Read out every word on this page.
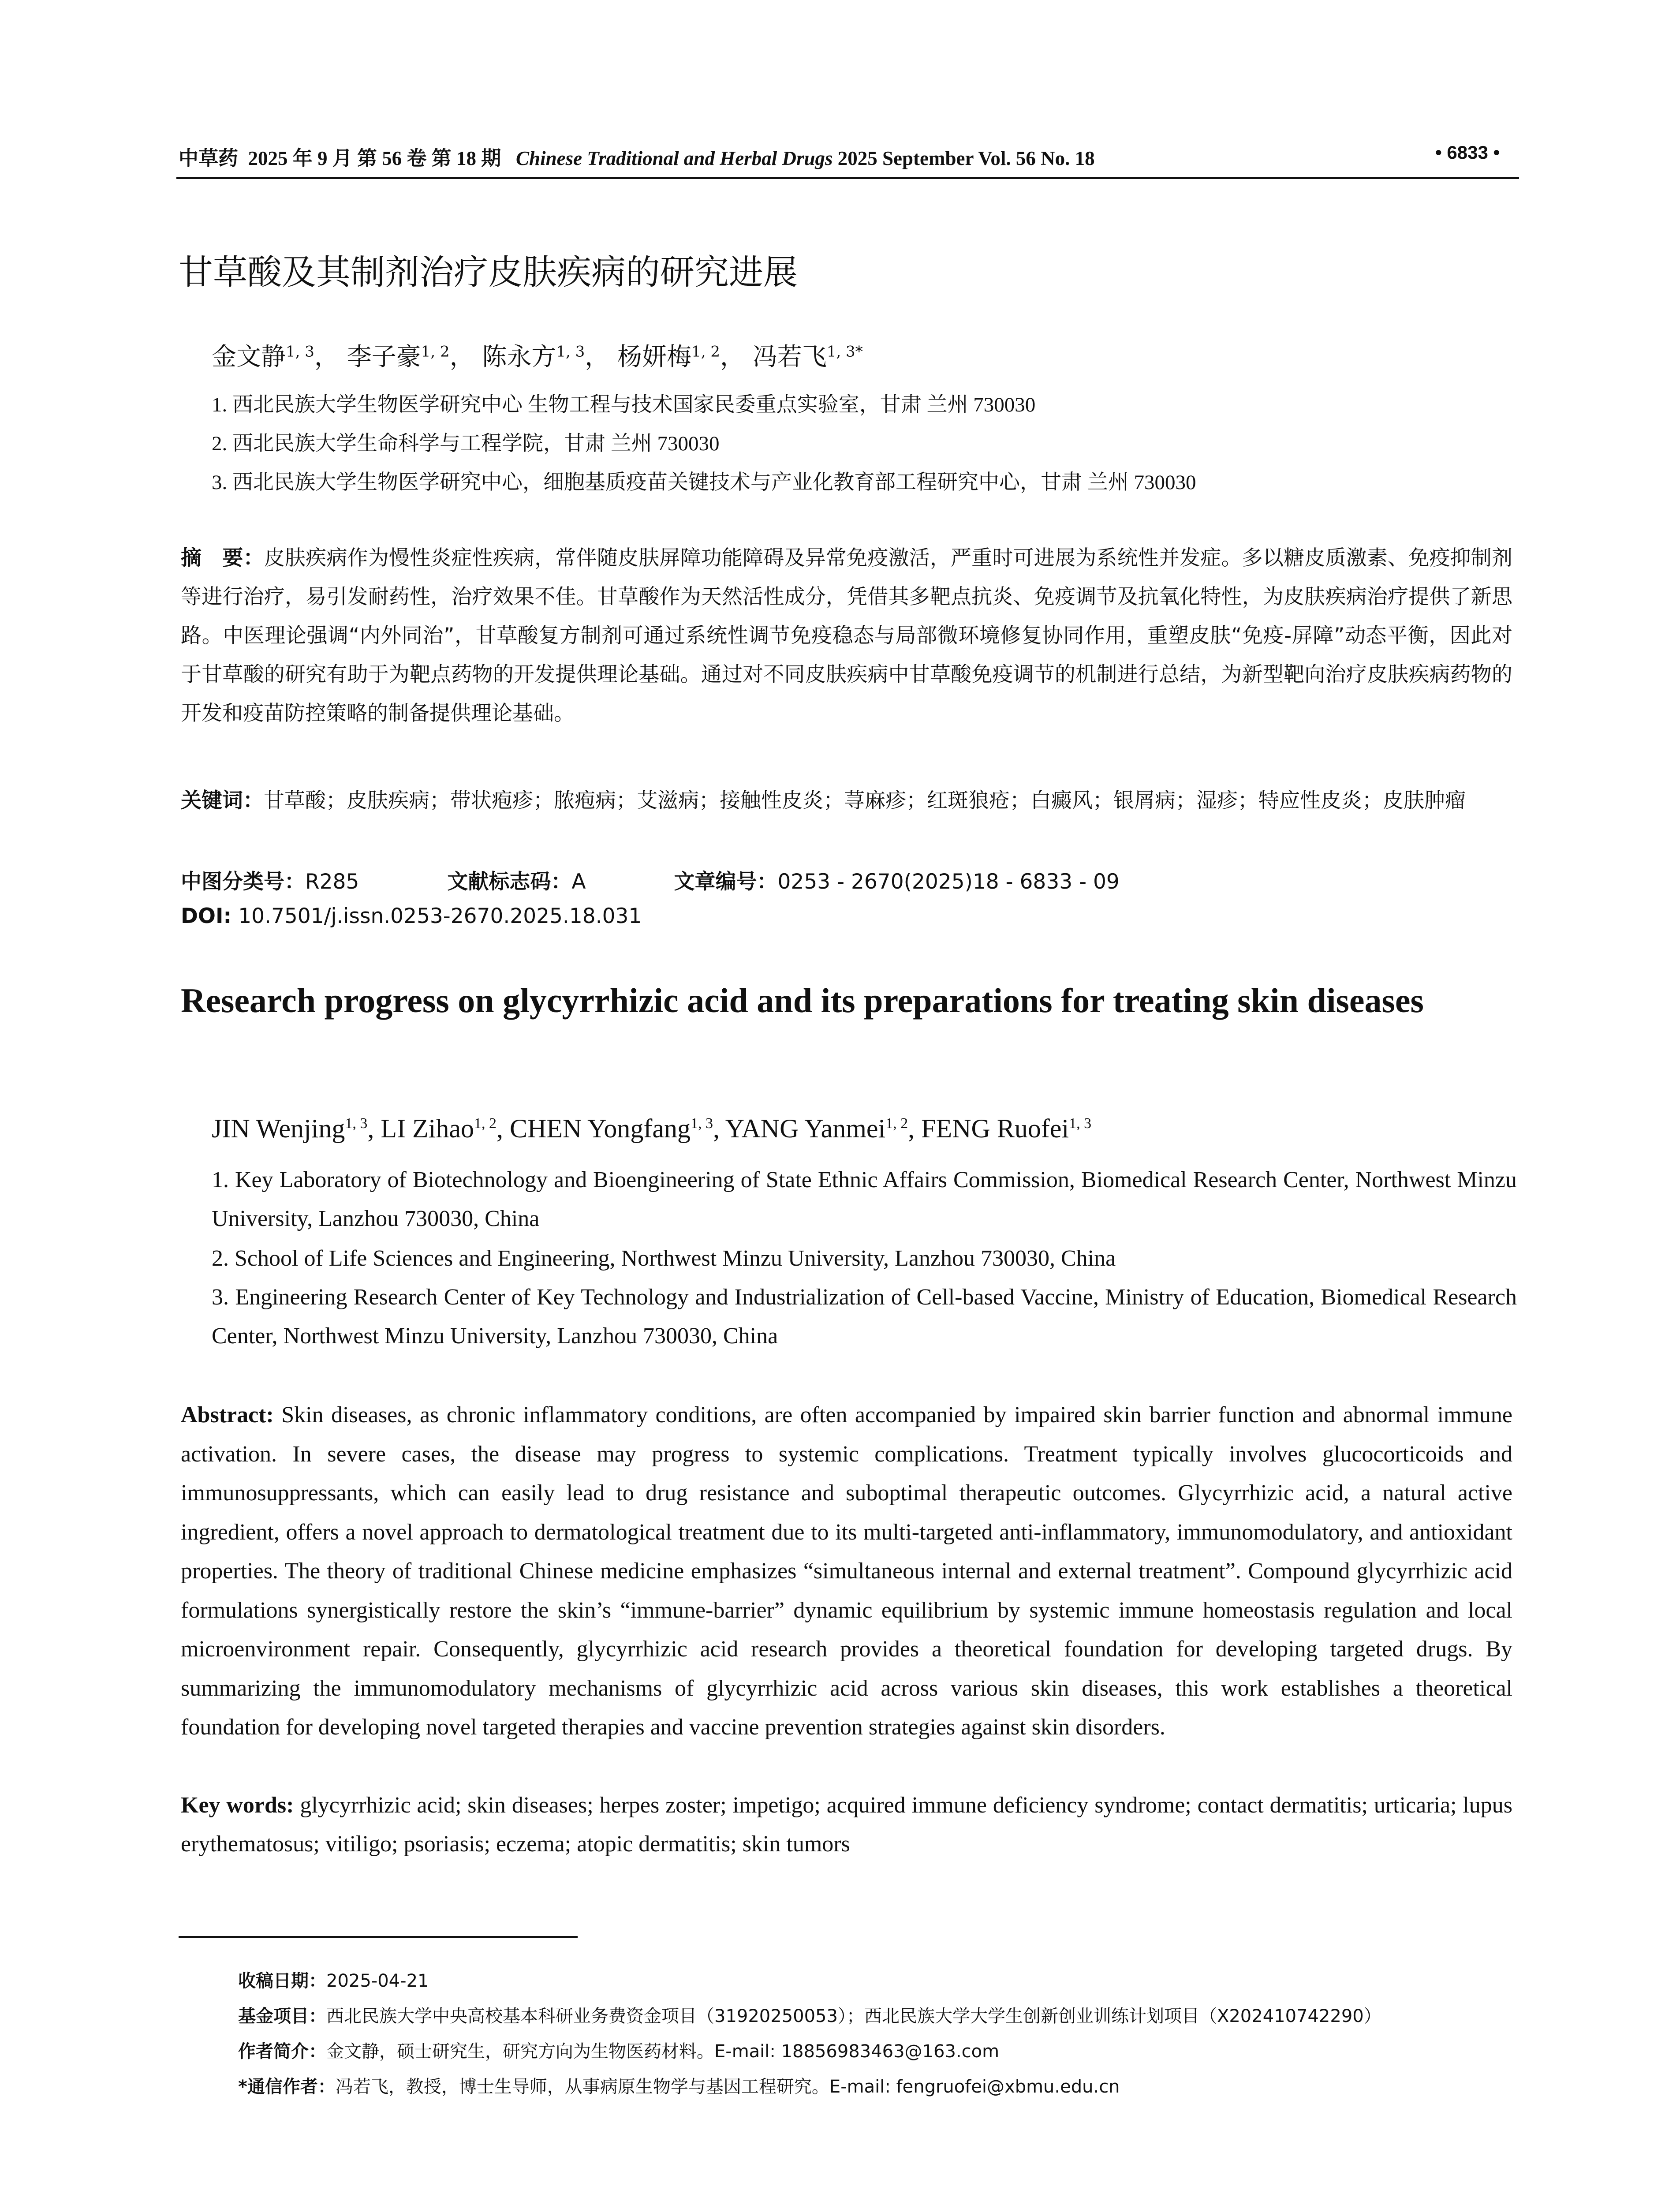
中草药 2025 年 9 月 第 56 卷 第 18 期 Chinese Traditional and Herbal Drugs 2025 September Vol. 56 No. 18	• 6833 •
甘草酸及其制剂治疗皮肤疾病的研究进展
金文静$^{1, 3}$， 李子豪$^{1, 2}$， 陈永方$^{1, 3}$， 杨妍梅$^{1, 2}$， 冯若飞$^{1, 3*}$
1. 西北民族大学生物医学研究中心 生物工程与技术国家民委重点实验室，甘肃 兰州 730030
2. 西北民族大学生命科学与工程学院，甘肃 兰州 730030
3. 西北民族大学生物医学研究中心，细胞基质疫苗关键技术与产业化教育部工程研究中心，甘肃 兰州 730030
摘　要：皮肤疾病作为慢性炎症性疾病，常伴随皮肤屏障功能障碍及异常免疫激活，严重时可进展为系统性并发症。多以糖皮质激素、免疫抑制剂等进行治疗，易引发耐药性，治疗效果不佳。甘草酸作为天然活性成分，凭借其多靶点抗炎、免疫调节及抗氧化特性，为皮肤疾病治疗提供了新思路。中医理论强调“内外同治”，甘草酸复方制剂可通过系统性调节免疫稳态与局部微环境修复协同作用，重塑皮肤“免疫-屏障”动态平衡，因此对于甘草酸的研究有助于为靶点药物的开发提供理论基础。通过对不同皮肤疾病中甘草酸免疫调节的机制进行总结，为新型靶向治疗皮肤疾病药物的开发和疫苗防控策略的制备提供理论基础。
关键词：甘草酸；皮肤疾病；带状疱疹；脓疱病；艾滋病；接触性皮炎；荨麻疹；红斑狼疮；白癜风；银屑病；湿疹；特应性皮炎；皮肤肿瘤
中图分类号：R285	文献标志码：A	文章编号：0253 - 2670(2025)18 - 6833 - 09
DOI: 10.7501/j.issn.0253-2670.2025.18.031
Research progress on glycyrrhizic acid and its preparations for treating skin diseases
JIN Wenjing$^{1, 3}$, LI Zihao$^{1, 2}$, CHEN Yongfang$^{1, 3}$, YANG Yanmei$^{1, 2}$, FENG Ruofei$^{1, 3}$
1. Key Laboratory of Biotechnology and Bioengineering of State Ethnic Affairs Commission, Biomedical Research Center, Northwest Minzu University, Lanzhou 730030, China
2. School of Life Sciences and Engineering, Northwest Minzu University, Lanzhou 730030, China
3. Engineering Research Center of Key Technology and Industrialization of Cell-based Vaccine, Ministry of Education, Biomedical Research Center, Northwest Minzu University, Lanzhou 730030, China
Abstract: Skin diseases, as chronic inflammatory conditions, are often accompanied by impaired skin barrier function and abnormal immune activation. In severe cases, the disease may progress to systemic complications. Treatment typically involves glucocorticoids and immunosuppressants, which can easily lead to drug resistance and suboptimal therapeutic outcomes. Glycyrrhizic acid, a natural active ingredient, offers a novel approach to dermatological treatment due to its multi-targeted anti-inflammatory, immunomodulatory, and antioxidant properties. The theory of traditional Chinese medicine emphasizes “simultaneous internal and external treatment”. Compound glycyrrhizic acid formulations synergistically restore the skin’s “immune-barrier” dynamic equilibrium by systemic immune homeostasis regulation and local microenvironment repair. Consequently, glycyrrhizic acid research provides a theoretical foundation for developing targeted drugs. By summarizing the immunomodulatory mechanisms of glycyrrhizic acid across various skin diseases, this work establishes a theoretical foundation for developing novel targeted therapies and vaccine prevention strategies against skin disorders.
Key words: glycyrrhizic acid; skin diseases; herpes zoster; impetigo; acquired immune deficiency syndrome; contact dermatitis; urticaria; lupus erythematosus; vitiligo; psoriasis; eczema; atopic dermatitis; skin tumors
收稿日期：2025-04-21
基金项目：西北民族大学中央高校基本科研业务费资金项目（31920250053）；西北民族大学大学生创新创业训练计划项目（X202410742290）
作者简介：金文静，硕士研究生，研究方向为生物医药材料。E-mail: 18856983463@163.com
*通信作者：冯若飞，教授，博士生导师，从事病原生物学与基因工程研究。E-mail: fengruofei@xbmu.edu.cn
